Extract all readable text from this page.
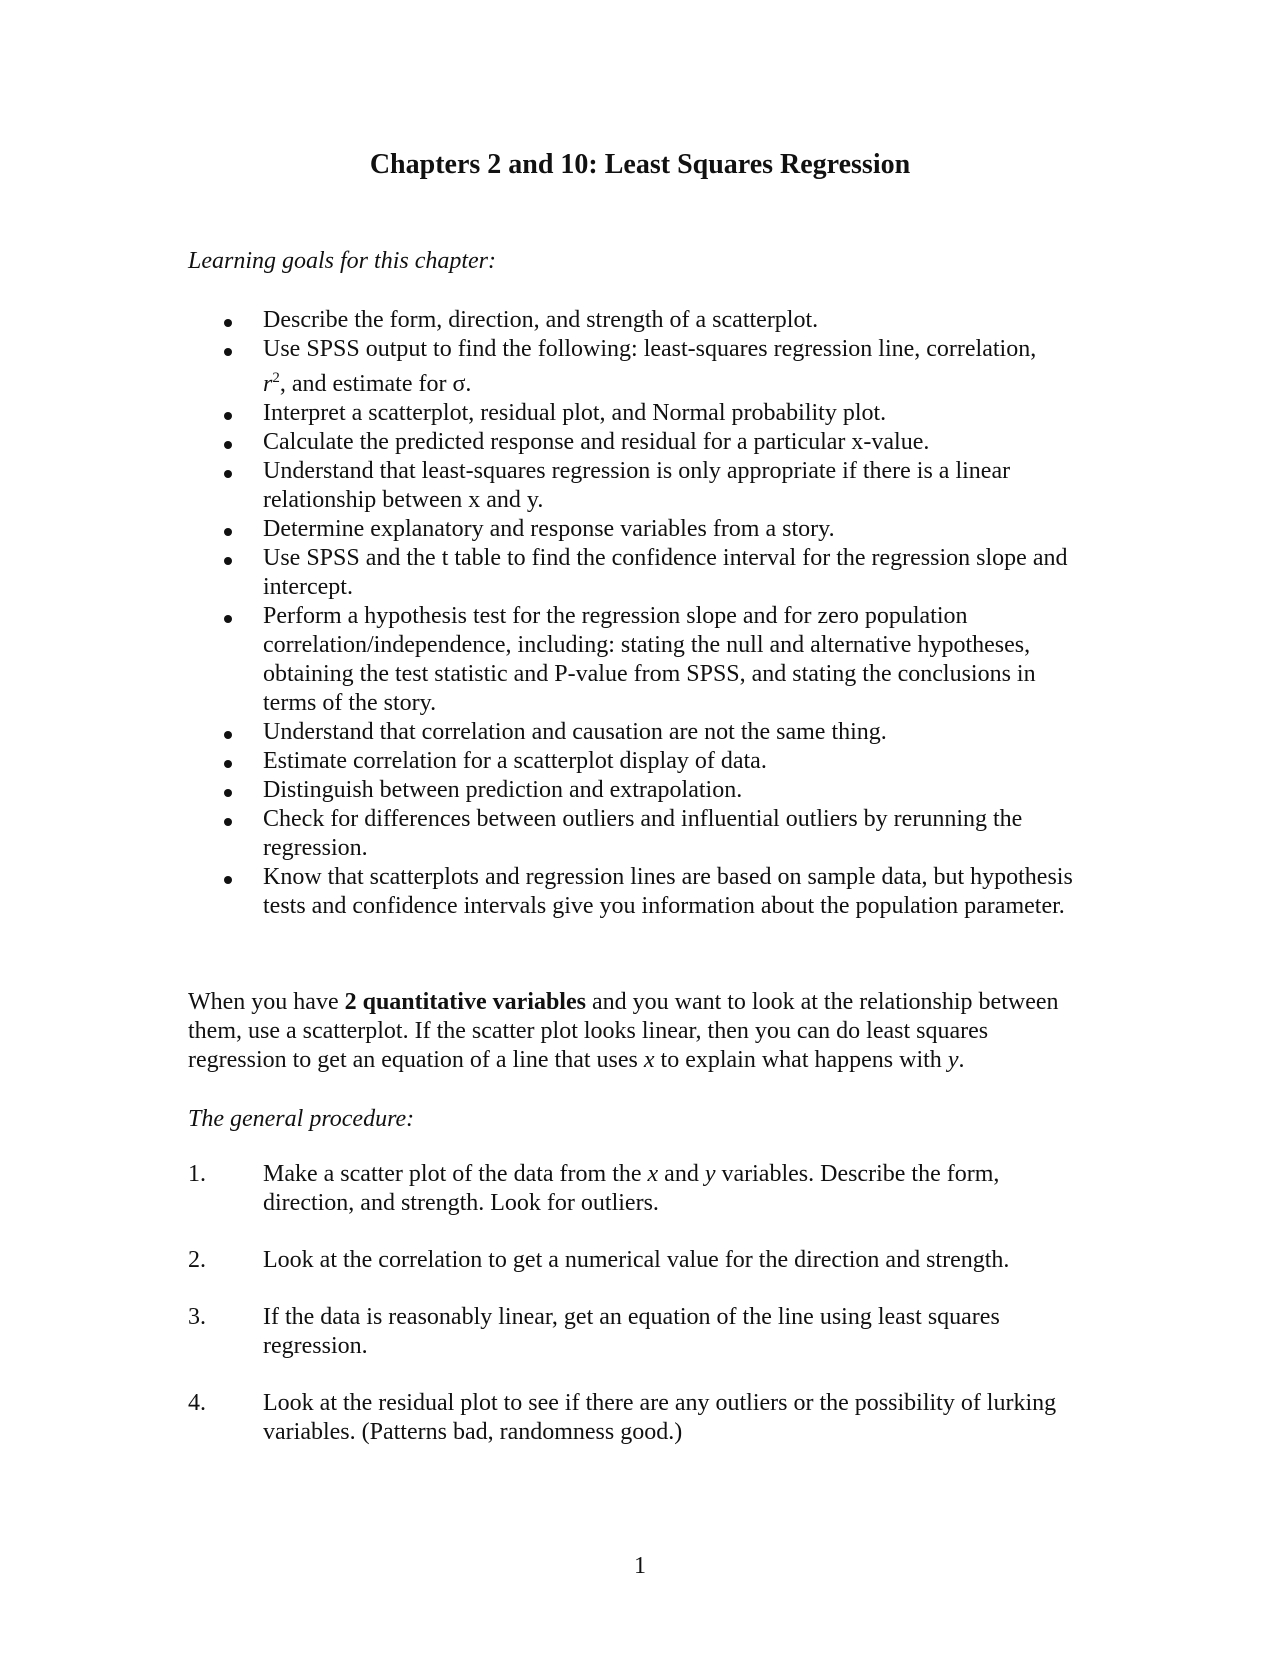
Chapters 2 and 10: Least Squares Regression
Learning goals for this chapter:
Describe the form, direction, and strength of a scatterplot.
Use SPSS output to find the following: least-squares regression line, correlation,
$r^2$, and estimate for σ.
Interpret a scatterplot, residual plot, and Normal probability plot.
Calculate the predicted response and residual for a particular x-value.
Understand that least-squares regression is only appropriate if there is a linear relationship between x and y.
Determine explanatory and response variables from a story.
Use SPSS and the t table to find the confidence interval for the regression slope and intercept.
Perform a hypothesis test for the regression slope and for zero population correlation/independence, including: stating the null and alternative hypotheses, obtaining the test statistic and P-value from SPSS, and stating the conclusions in terms of the story.
Understand that correlation and causation are not the same thing.
Estimate correlation for a scatterplot display of data.
Distinguish between prediction and extrapolation.
Check for differences between outliers and influential outliers by rerunning the regression.
Know that scatterplots and regression lines are based on sample data, but hypothesis tests and confidence intervals give you information about the population parameter.

When you have 2 quantitative variables and you want to look at the relationship between them, use a scatterplot. If the scatter plot looks linear, then you can do least squares regression to get an equation of a line that uses x to explain what happens with y.

The general procedure:
1. Make a scatter plot of the data from the x and y variables. Describe the form, direction, and strength. Look for outliers.
2. Look at the correlation to get a numerical value for the direction and strength.
3. If the data is reasonably linear, get an equation of the line using least squares regression.
4. Look at the residual plot to see if there are any outliers or the possibility of lurking variables. (Patterns bad, randomness good.)
1
